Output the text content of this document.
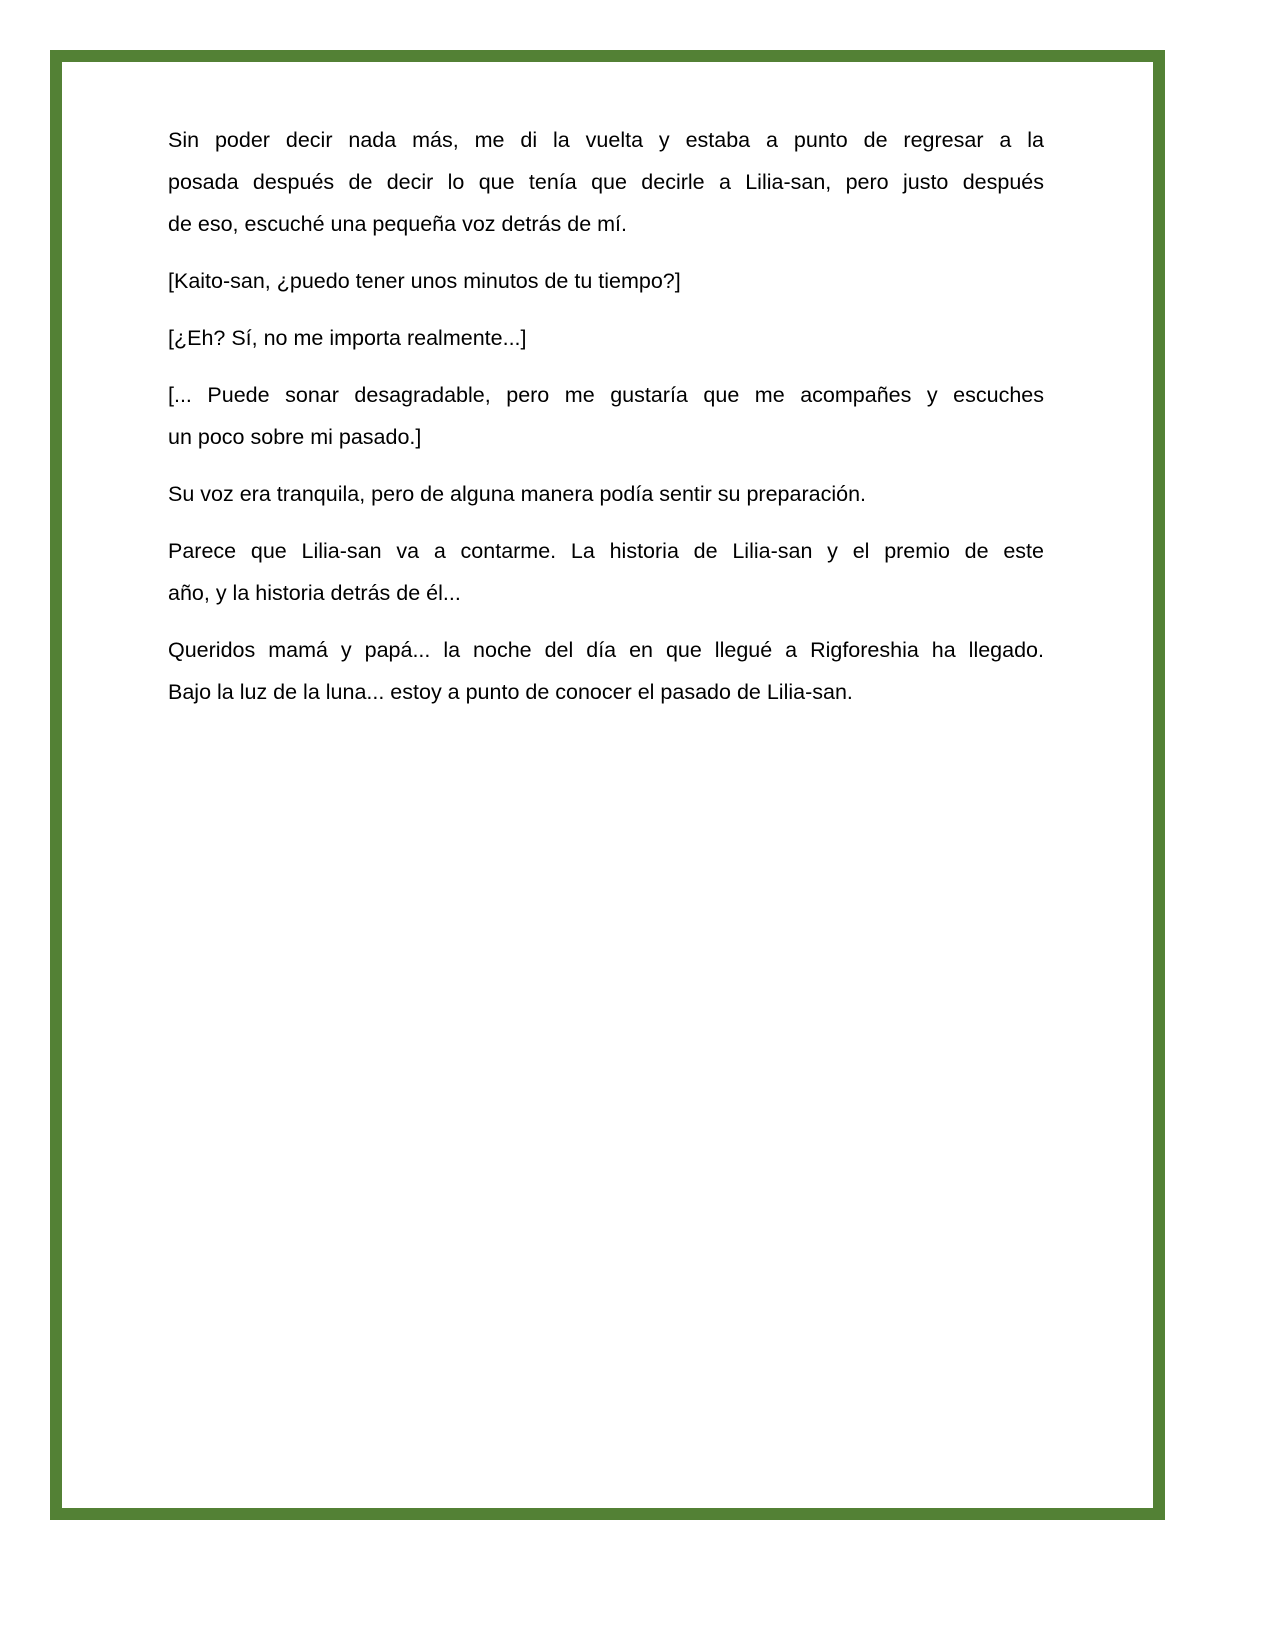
Sin poder decir nada más, me di la vuelta y estaba a punto de regresar a la
posada después de decir lo que tenía que decirle a Lilia-san, pero justo después
de eso, escuché una pequeña voz detrás de mí.
[Kaito-san, ¿puedo tener unos minutos de tu tiempo?]
[¿Eh? Sí, no me importa realmente...]
[... Puede sonar desagradable, pero me gustaría que me acompañes y escuches
un poco sobre mi pasado.]
Su voz era tranquila, pero de alguna manera podía sentir su preparación.
Parece que Lilia-san va a contarme. La historia de Lilia-san y el premio de este
año, y la historia detrás de él...
Queridos mamá y papá... la noche del día en que llegué a Rigforeshia ha llegado.
Bajo la luz de la luna... estoy a punto de conocer el pasado de Lilia-san.
